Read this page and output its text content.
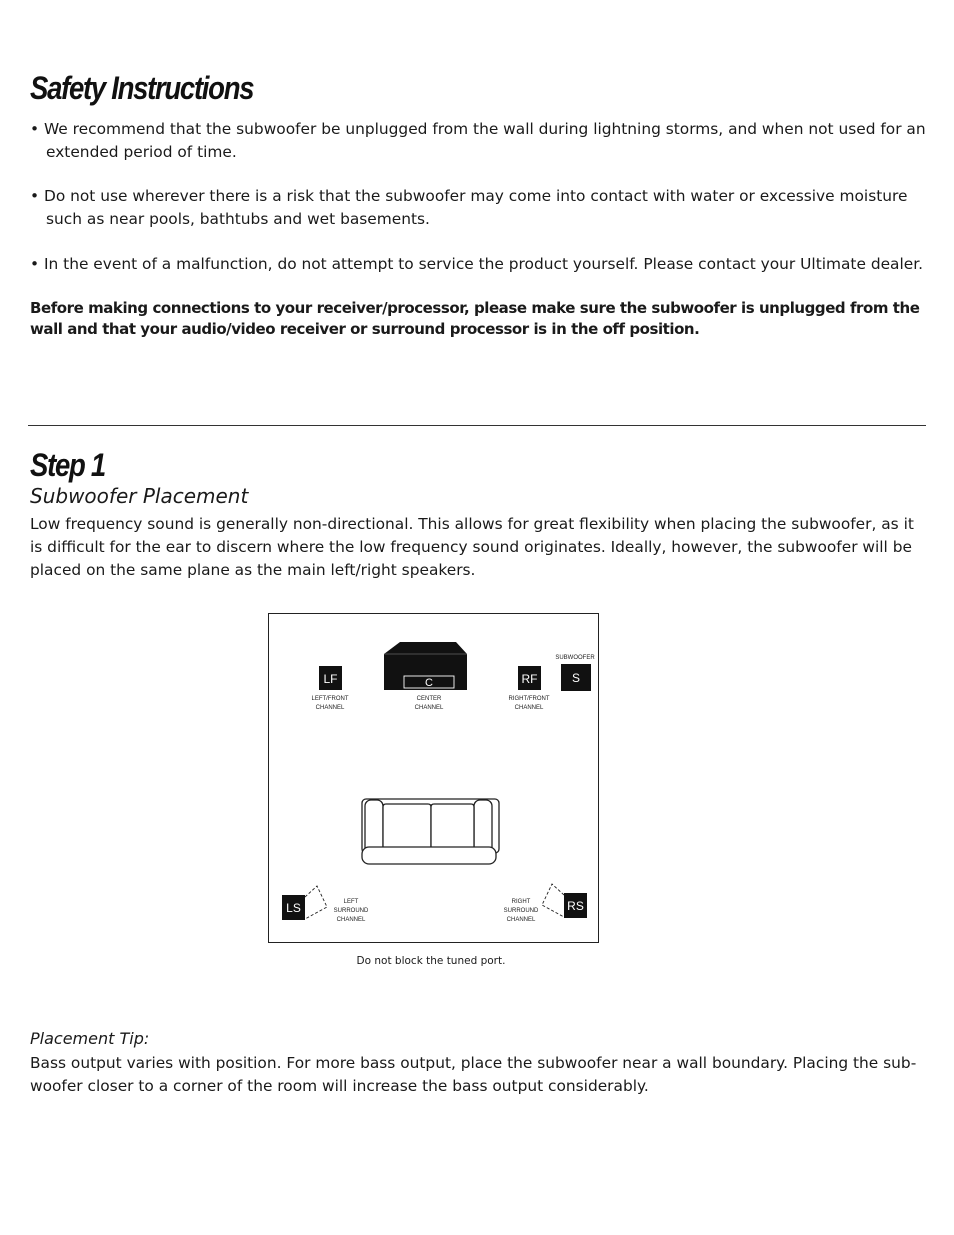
Safety Instructions

• We recommend that the subwoofer be unplugged from the wall during lightning storms, and when not used for an extended period of time.

• Do not use wherever there is a risk that the subwoofer may come into contact with water or excessive moisture such as near pools, bathtubs and wet basements.

• In the event of a malfunction, do not attempt to service the product yourself. Please contact your Ultimate dealer.

Before making connections to your receiver/processor, please make sure the subwoofer is unplugged from the wall and that your audio/video receiver or surround processor is in the off position.

Step 1
Subwoofer Placement

Low frequency sound is generally non-directional. This allows for great flexibility when placing the subwoofer, as it is difficult for the ear to discern where the low frequency sound originates. Ideally, however, the subwoofer will be placed on the same plane as the main left/right speakers.

LF
LEFT/FRONT
CHANNEL
C
CENTER
CHANNEL
RF
RIGHT/FRONT
CHANNEL
SUBWOOFER
S
LS	LEFT
SURROUND
CHANNEL
RS
RIGHT
SURROUND
CHANNEL

Do not block the tuned port.

Placement Tip:

Bass output varies with position. For more bass output, place the subwoofer near a wall boundary. Placing the sub-woofer closer to a corner of the room will increase the bass output considerably.
